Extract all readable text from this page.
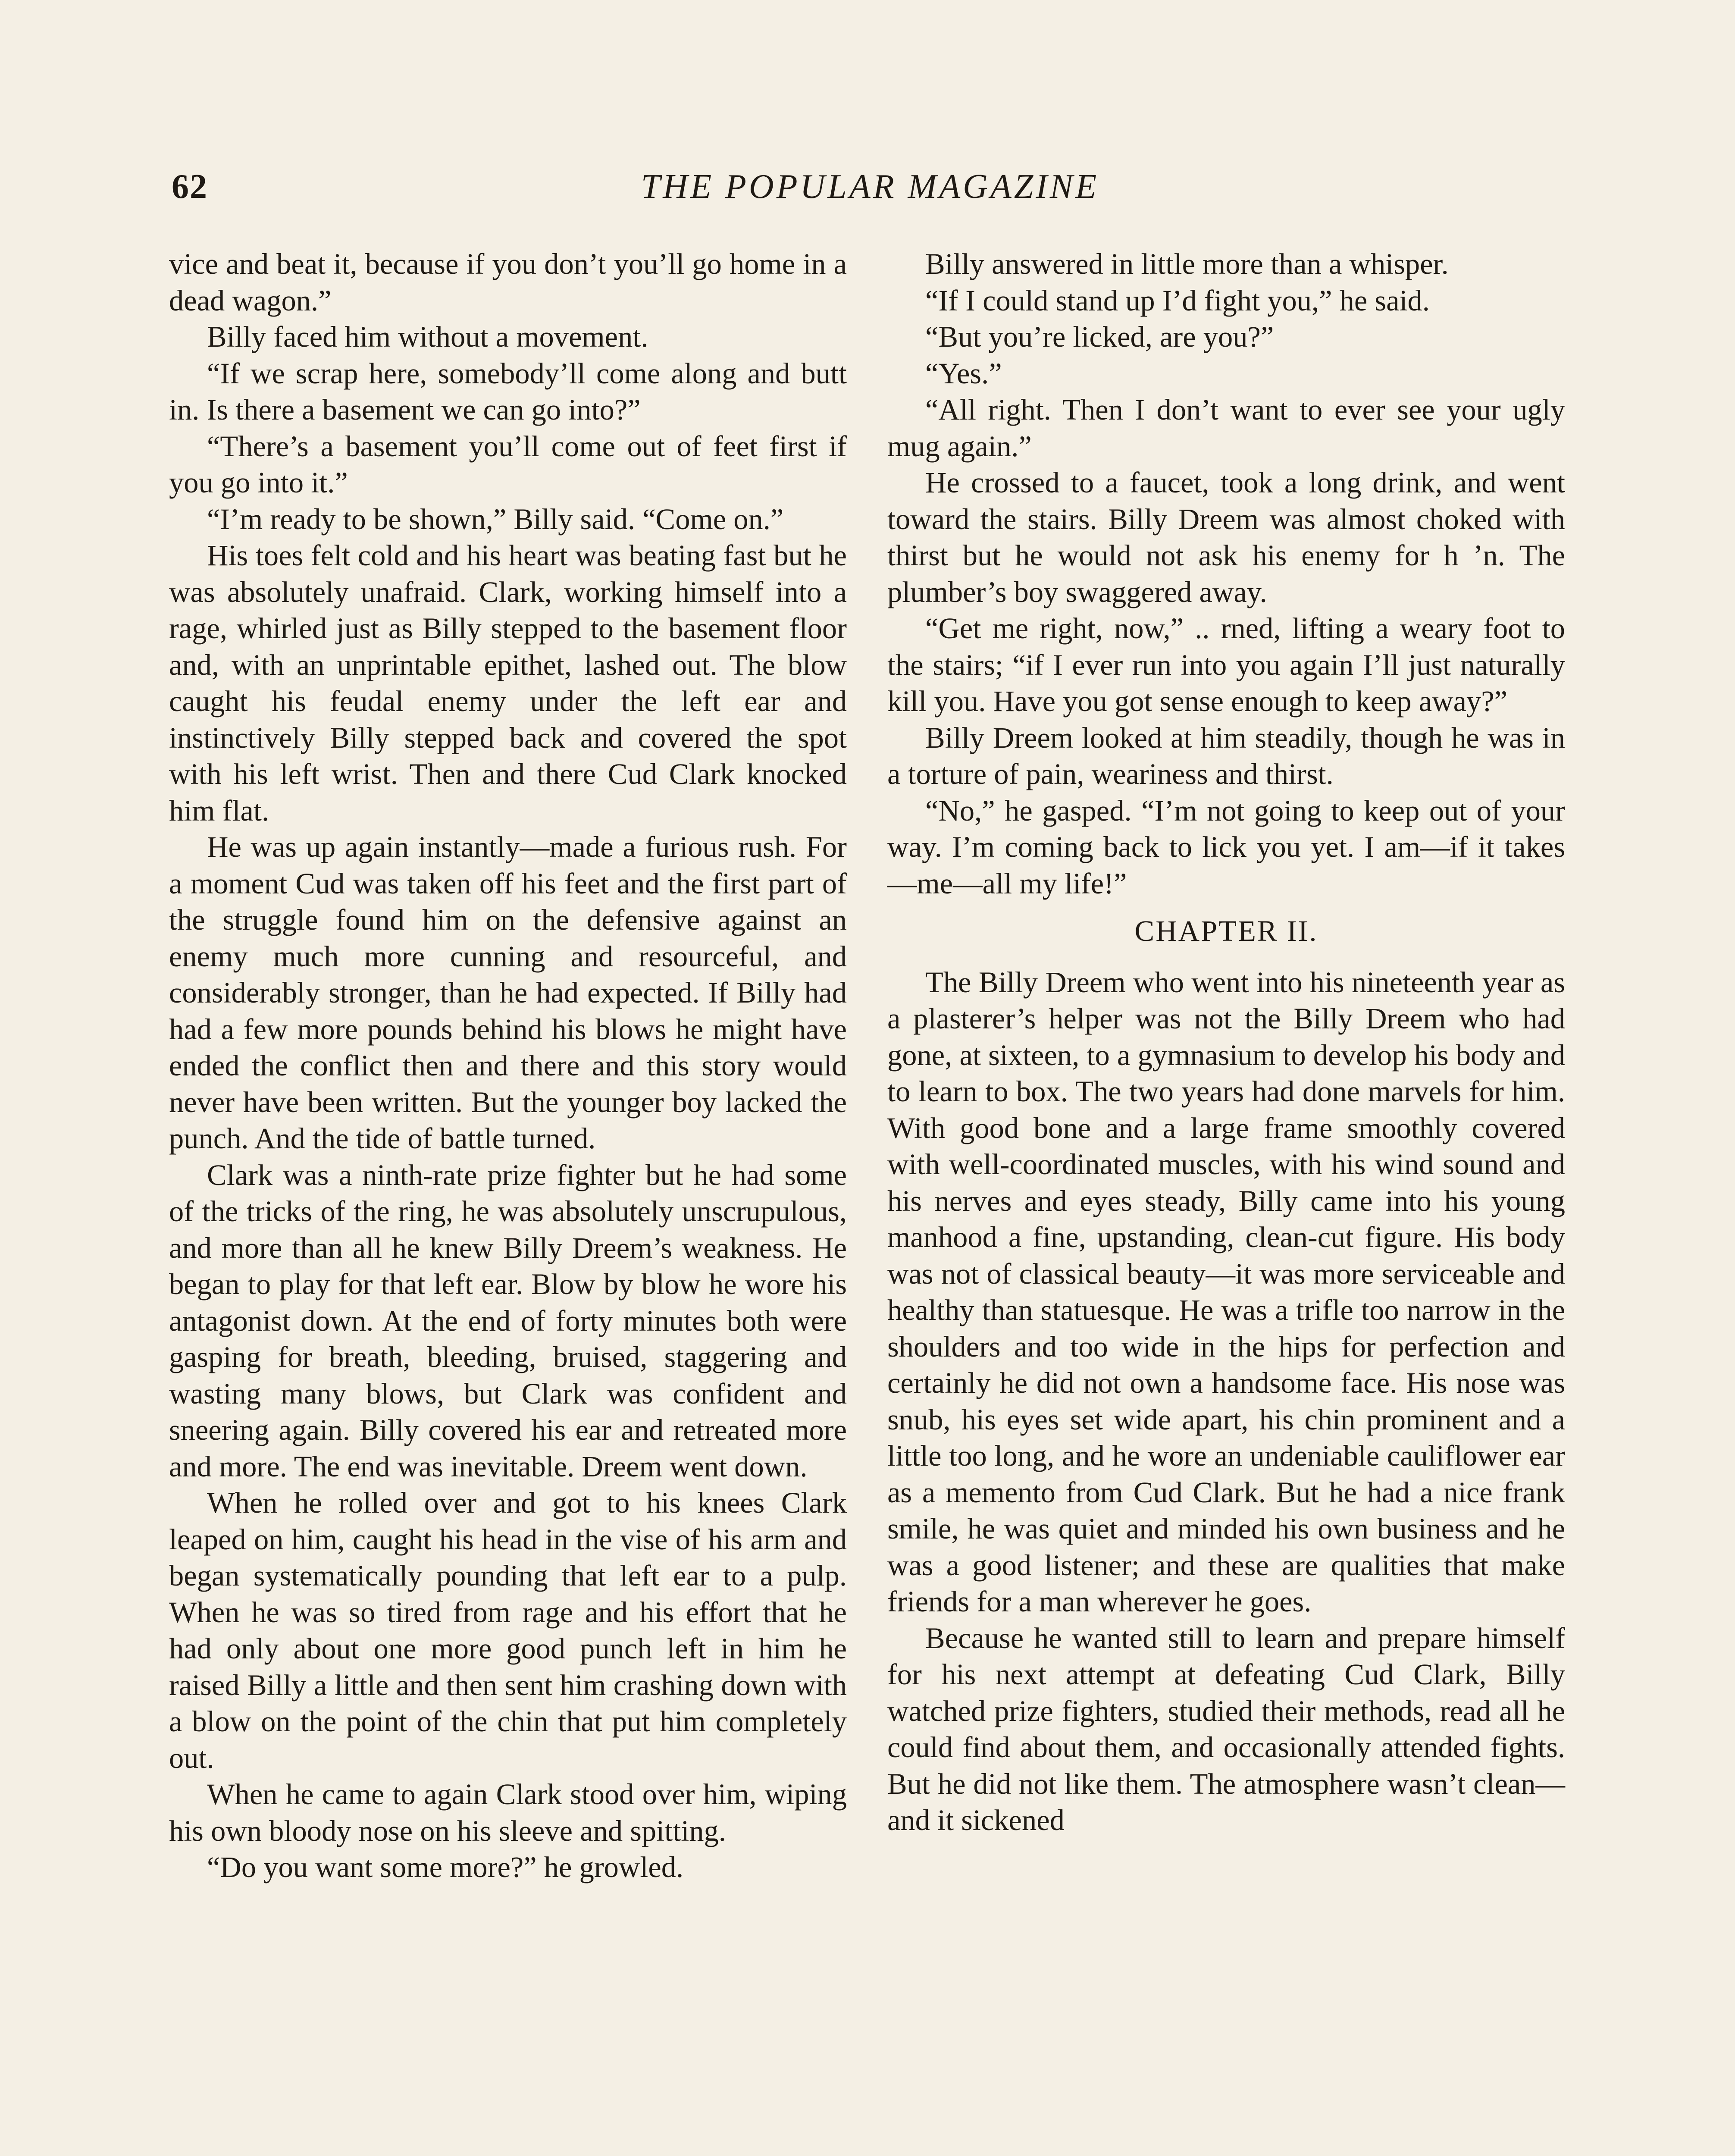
62	THE POPULAR MAGAZINE

vice and beat it, because if you don’t you’ll go home in a dead wagon.”

Billy faced him without a movement.

“If we scrap here, somebody’ll come along and butt in. Is there a basement we can go into?”

“There’s a basement you’ll come out of feet first if you go into it.”

“I’m ready to be shown,” Billy said. “Come on.”

His toes felt cold and his heart was beating fast but he was absolutely unafraid. Clark, working himself into a rage, whirled just as Billy stepped to the basement floor and, with an unprintable epithet, lashed out. The blow caught his feudal enemy under the left ear and instinctively Billy stepped back and covered the spot with his left wrist. Then and there Cud Clark knocked him flat.

He was up again instantly—made a furious rush. For a moment Cud was taken off his feet and the first part of the struggle found him on the defensive against an enemy much more cunning and resourceful, and considerably stronger, than he had expected. If Billy had had a few more pounds behind his blows he might have ended the conflict then and there and this story would never have been written. But the younger boy lacked the punch. And the tide of battle turned.

Clark was a ninth-rate prize fighter but he had some of the tricks of the ring, he was absolutely unscrupulous, and more than all he knew Billy Dreem’s weakness. He began to play for that left ear. Blow by blow he wore his antagonist down. At the end of forty minutes both were gasping for breath, bleeding, bruised, staggering and wasting many blows, but Clark was confident and sneering again. Billy covered his ear and retreated more and more. The end was inevitable. Dreem went down.

When he rolled over and got to his knees Clark leaped on him, caught his head in the vise of his arm and began systematically pounding that left ear to a pulp. When he was so tired from rage and his effort that he had only about one more good punch left in him he raised Billy a little and then sent him crashing down with a blow on the point of the chin that put him completely out.

When he came to again Clark stood over him, wiping his own bloody nose on his sleeve and spitting.

“Do you want some more?” he growled.

Billy answered in little more than a whisper.

“If I could stand up I’d fight you,” he said.

“But you’re licked, are you?”

“Yes.”

“All right. Then I don’t want to ever see your ugly mug again.”

He crossed to a faucet, took a long drink, and went toward the stairs. Billy Dreem was almost choked with thirst but he would not ask his enemy for h ’n. The plumber’s boy swaggered away.

“Get me right, now,” .. rned, lifting a weary foot to the stairs; “if I ever run into you again I’ll just naturally kill you. Have you got sense enough to keep away?”

Billy Dreem looked at him steadily, though he was in a torture of pain, weariness and thirst.

“No,” he gasped. “I’m not going to keep out of your way. I’m coming back to lick you yet. I am—if it takes—me—all my life!”

CHAPTER II.

The Billy Dreem who went into his nineteenth year as a plasterer’s helper was not the Billy Dreem who had gone, at sixteen, to a gymnasium to develop his body and to learn to box. The two years had done marvels for him. With good bone and a large frame smoothly covered with well-coordinated muscles, with his wind sound and his nerves and eyes steady, Billy came into his young manhood a fine, upstanding, clean-cut figure. His body was not of classical beauty—it was more serviceable and healthy than statuesque. He was a trifle too narrow in the shoulders and too wide in the hips for perfection and certainly he did not own a handsome face. His nose was snub, his eyes set wide apart, his chin prominent and a little too long, and he wore an undeniable cauliflower ear as a memento from Cud Clark. But he had a nice frank smile, he was quiet and minded his own business and he was a good listener; and these are qualities that make friends for a man wherever he goes.

Because he wanted still to learn and prepare himself for his next attempt at defeating Cud Clark, Billy watched prize fighters, studied their methods, read all he could find about them, and occasionally attended fights. But he did not like them. The atmosphere wasn’t clean—and it sickened
